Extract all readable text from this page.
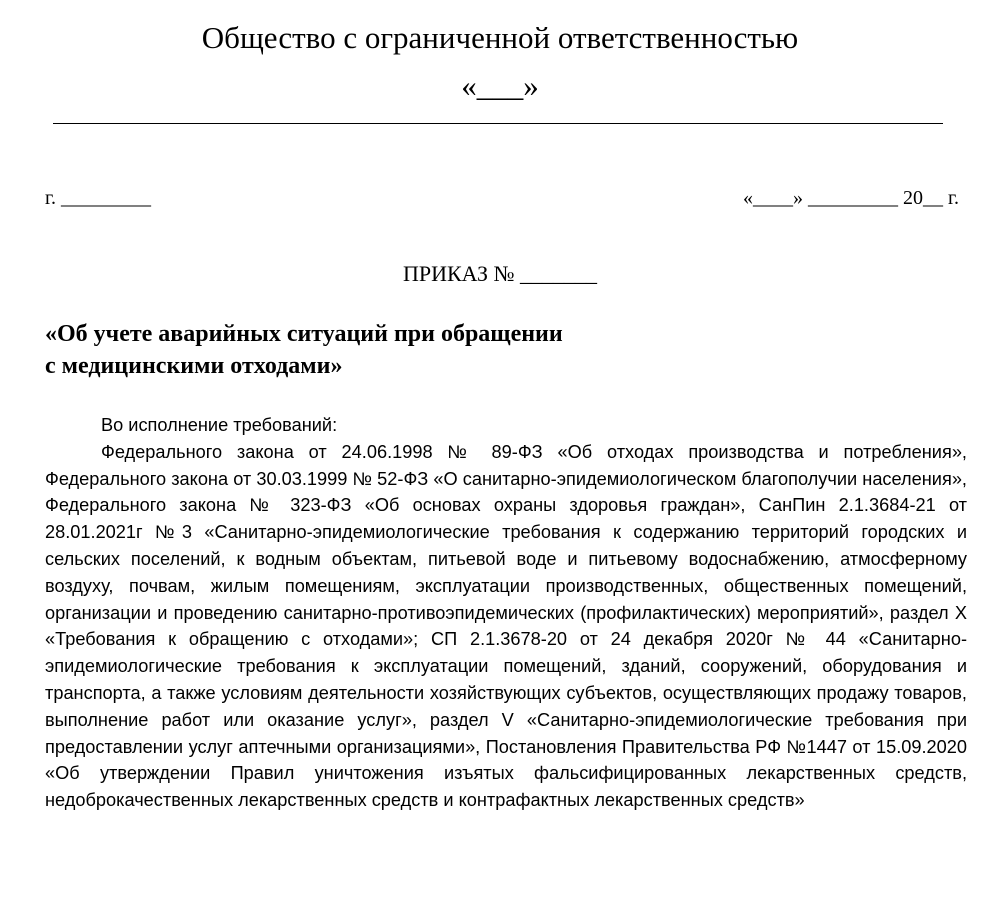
Общество с ограниченной ответственностью
«___»
г. _________	«____» _________ 20__ г.
ПРИКАЗ № _______
«Об учете аварийных ситуаций при обращении
с медицинскими отходами»

Во исполнение требований:

Федерального закона от 24.06.1998 № 89-ФЗ «Об отходах производства и потребления», Федерального закона от 30.03.1999 № 52-ФЗ «О санитарно-эпидемиологическом благополучии населения», Федерального закона № 323-ФЗ «Об основах охраны здоровья граждан», СанПин 2.1.3684-21 от 28.01.2021г №3 «Санитарно-эпидемиологические требования к содержанию территорий городских и сельских поселений, к водным объектам, питьевой воде и питьевому водоснабжению, атмосферному воздуху, почвам, жилым помещениям, эксплуатации производственных, общественных помещений, организации и проведению санитарно-противоэпидемических (профилактических) мероприятий», раздел X «Требования к обращению с отходами»; СП 2.1.3678-20 от 24 декабря 2020г № 44 «Санитарно-эпидемиологические требования к эксплуатации помещений, зданий, сооружений, оборудования и транспорта, а также условиям деятельности хозяйствующих субъектов, осуществляющих продажу товаров, выполнение работ или оказание услуг», раздел V «Санитарно-эпидемиологические требования при предоставлении услуг аптечными организациями», Постановления Правительства РФ №1447 от 15.09.2020 «Об утверждении Правил уничтожения изъятых фальсифицированных лекарственных средств, недоброкачественных лекарственных средств и контрафактных лекарственных средств»
